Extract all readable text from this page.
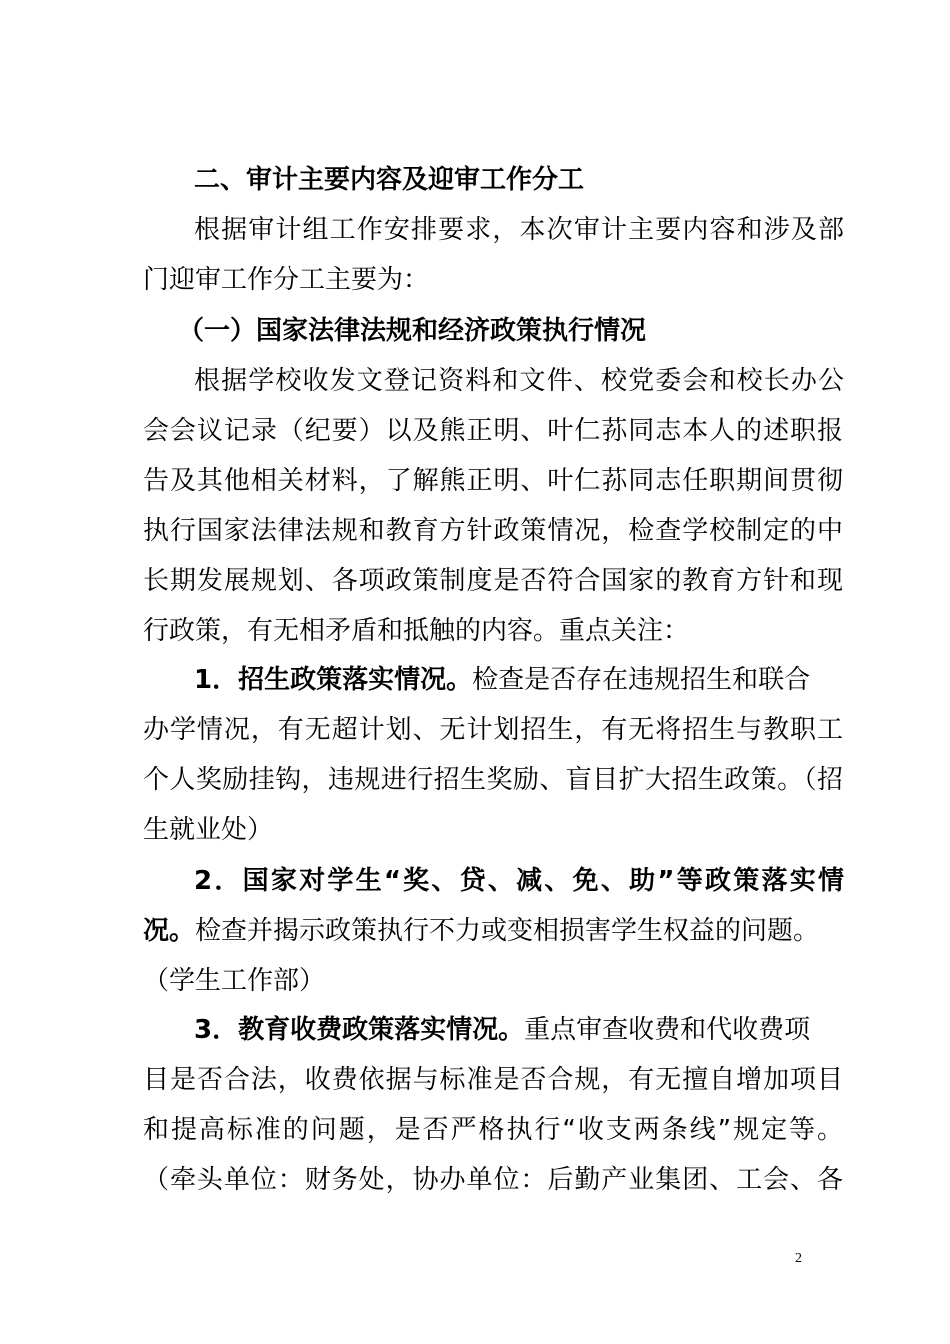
二、审计主要内容及迎审工作分工
根据审计组工作安排要求，本次审计主要内容和涉及部
门迎审工作分工主要为：
（一）国家法律法规和经济政策执行情况
根据学校收发文登记资料和文件、校党委会和校长办公
会会议记录（纪要）以及熊正明、叶仁荪同志本人的述职报
告及其他相关材料，了解熊正明、叶仁荪同志任职期间贯彻
执行国家法律法规和教育方针政策情况，检查学校制定的中
长期发展规划、各项政策制度是否符合国家的教育方针和现
行政策，有无相矛盾和抵触的内容。重点关注：
1．招生政策落实情况。检查是否存在违规招生和联合
办学情况，有无超计划、无计划招生，有无将招生与教职工
个人奖励挂钩，违规进行招生奖励、盲目扩大招生政策。（招
生就业处）
2．国家对学生“奖、贷、减、免、助”等政策落实情
况。检查并揭示政策执行不力或变相损害学生权益的问题。
（学生工作部）
3．教育收费政策落实情况。重点审查收费和代收费项
目是否合法，收费依据与标准是否合规，有无擅自增加项目
和提高标准的问题，是否严格执行“收支两条线”规定等。
（牵头单位：财务处，协办单位：后勤产业集团、工会、各
2
